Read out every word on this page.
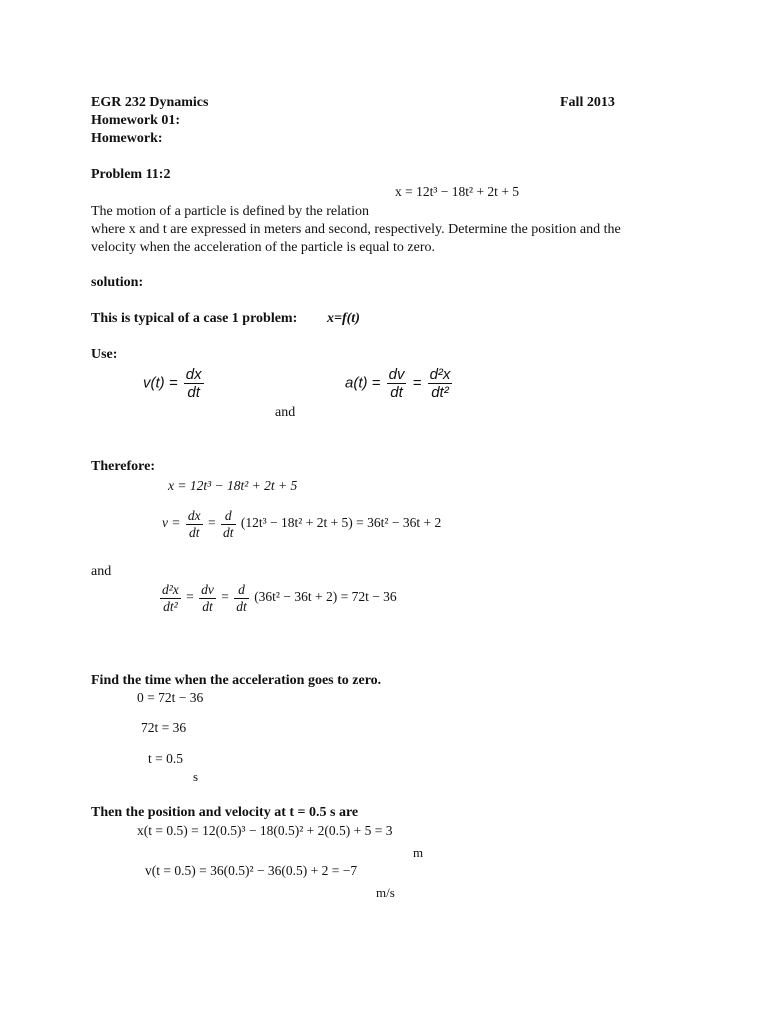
EGR 232 Dynamics	Fall 2013
Homework 01:
Homework:
Problem 11:2
x = 12t³ − 18t² + 2t + 5
The motion of a particle is defined by the relation
where x and t are expressed in meters and second, respectively. Determine the position and the
velocity when the acceleration of the particle is equal to zero.
solution:
This is typical of a case 1 problem: x=f(t)
Use:
$v(t) = \frac{dx}{dt}$	$a(t) = \frac{dv}{dt} = \frac{\text{d²x}}{\text{dt²}}$
and
Therefore:
x = 12t³ − 18t² + 2t + 5
$v = \frac{dx}{dt} = \frac{d}{dt} (12t^3 - 18t^2 + 2t + 5) = 36t^2 - 36t + 2$
and
$\frac{\text{d²x}}{\text{dt²}} = \frac{dv}{dt} = \frac{d}{dt} (36t^2 - 36t + 2) = 72t - 36$
Find the time when the acceleration goes to zero.
0 = 72t − 36
72t = 36
t = 0.5
s
Then the position and velocity at t = 0.5 s are
x(t = 0.5) = 12(0.5)³ − 18(0.5)² + 2(0.5) + 5 = 3
m
v(t = 0.5) = 36(0.5)² − 36(0.5) + 2 = −7
m/s
